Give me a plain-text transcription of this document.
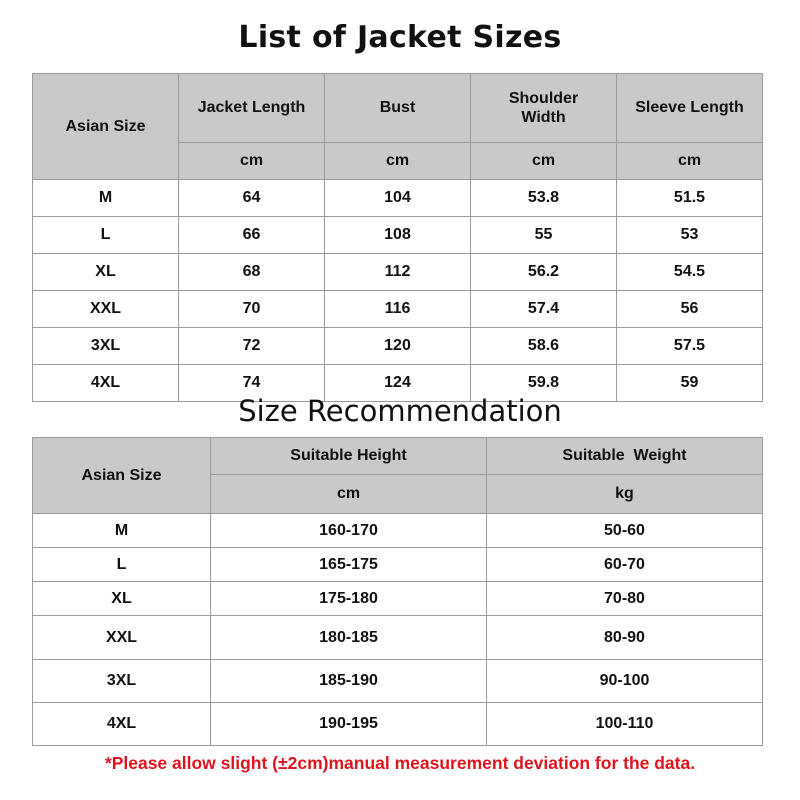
List of Jacket Sizes
Asian Size	Jacket Length	Bust	Shoulder Width	Sleeve Length
	cm	cm	cm	cm
M	64	104	53.8	51.5
L	66	108	55	53
XL	68	112	56.2	54.5
XXL	70	116	57.4	56
3XL	72	120	58.6	57.5
4XL	74	124	59.8	59
Size Recommendation
Asian Size	Suitable Height	Suitable  Weight
	cm	kg
M	160-170	50-60
L	165-175	60-70
XL	175-180	70-80
XXL	180-185	80-90
3XL	185-190	90-100
4XL	190-195	100-110
*Please allow slight (±2cm)manual measurement deviation for the data.
